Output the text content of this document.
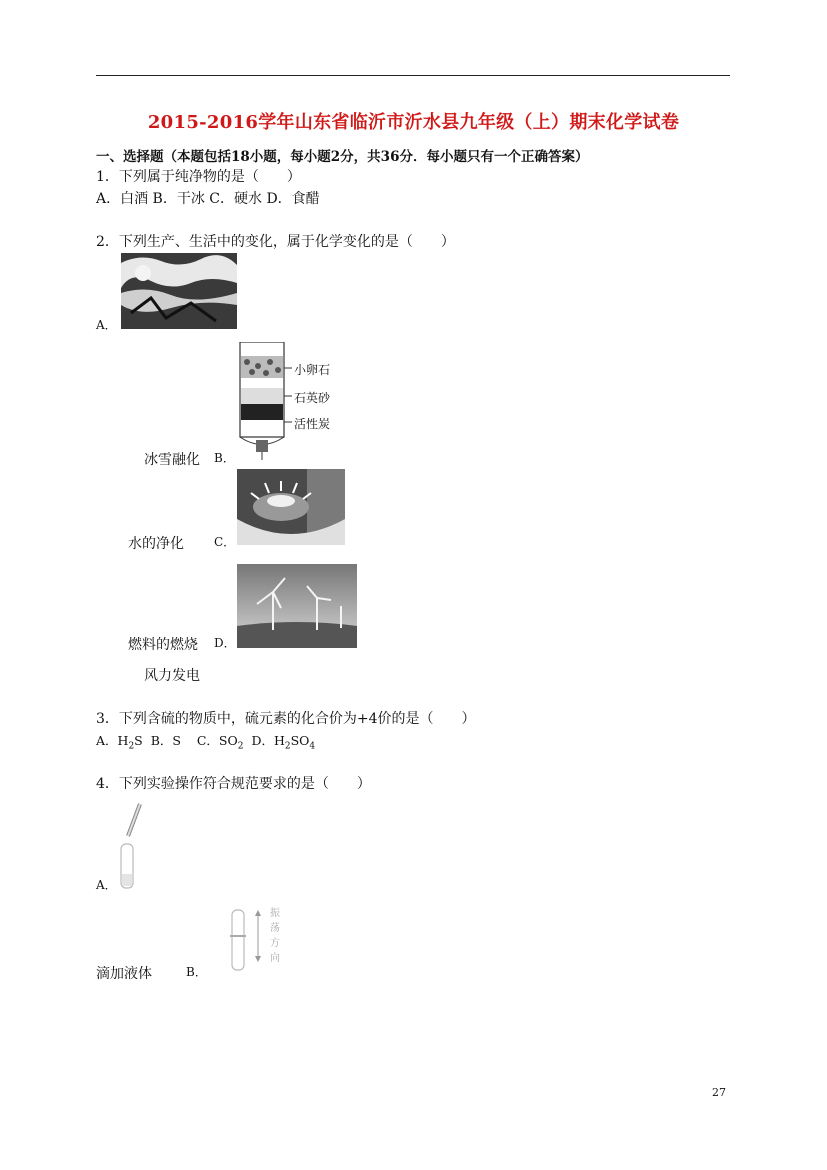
2015-2016学年山东省临沂市沂水县九年级（上）期末化学试卷
一、选择题（本题包括18小题，每小题2分，共36分．每小题只有一个正确答案）
1．下列属于纯净物的是（　　）
A．白酒 B．干冰 C．硬水 D．食醋
2．下列生产、生活中的变化，属于化学变化的是（　　）
A．
小卵石
石英砂
活性炭
冰雪融化 B．
水的净化	C．
燃料的燃烧 D．
风力发电
3．下列含硫的物质中，硫元素的化合价为+4价的是（　　）
A．$H_2S$ B．S C．$SO_2$ D．$H_2SO_4$
4．下列实验操作符合规范要求的是（　　）
A．
振
荡
方
向
滴加液体	B．
27
